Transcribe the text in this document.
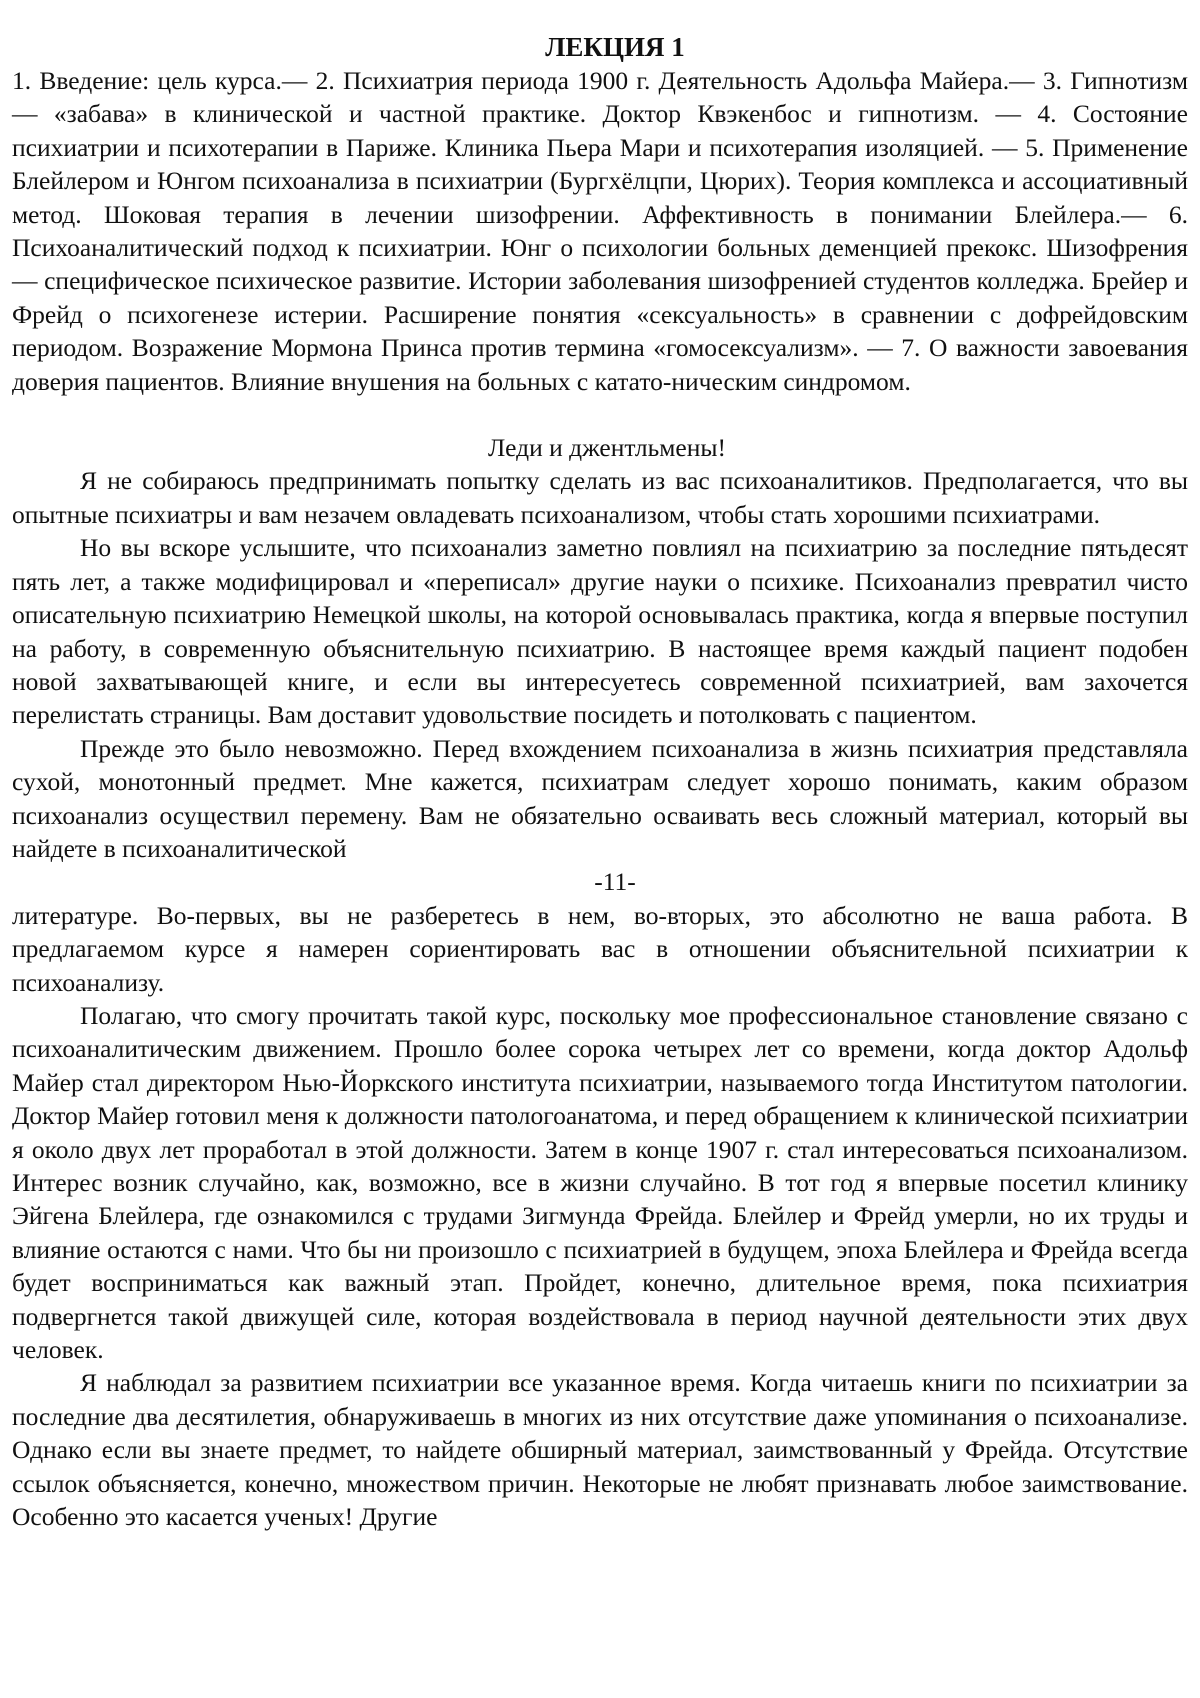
ЛЕКЦИЯ 1

1. Введение: цель курса.— 2. Психиатрия периода 1900 г. Деятельность Адольфа Майера.— 3. Гипнотизм — «забава» в клинической и частной практике. Доктор Квэкенбос и гипнотизм. — 4. Состояние психиатрии и психотерапии в Париже. Клиника Пьера Мари и психотерапия изоляцией. — 5. Применение Блейлером и Юнгом психоанализа в психиатрии (Бургхёлцпи, Цюрих). Теория комплекса и ассоциативный метод. Шоковая терапия в лечении шизофрении. Аффективность в понимании Блейлера.— 6. Психоаналитический подход к психиатрии. Юнг о психологии больных деменцией прекокс. Шизофрения — специфическое психическое развитие. Истории заболевания шизофренией студентов колледжа. Брейер и Фрейд о психогенезе истерии. Расширение понятия «сексуальность» в сравнении с дофрейдовским периодом. Возражение Мормона Принса против термина «гомосексуализм». — 7. О важности завоевания доверия пациентов. Влияние внушения на больных с катато-ническим синдромом.

Леди и джентльмены!

Я не собираюсь предпринимать попытку сделать из вас психоаналитиков. Предполагается, что вы опытные психиатры и вам незачем овладевать психоанализом, чтобы стать хорошими психиатрами.

Но вы вскоре услышите, что психоанализ заметно повлиял на психиатрию за последние пятьдесят пять лет, а также модифицировал и «переписал» другие науки о психике. Психоанализ превратил чисто описательную психиатрию Немецкой школы, на которой основывалась практика, когда я впервые поступил на работу, в современную объяснительную психиатрию. В настоящее время каждый пациент подобен новой захватывающей книге, и если вы интересуетесь современной психиатрией, вам захочется перелистать страницы. Вам доставит удовольствие посидеть и потолковать с пациентом.

Прежде это было невозможно. Перед вхождением психоанализа в жизнь психиатрия представляла сухой, монотонный предмет. Мне кажется, психиатрам следует хорошо понимать, каким образом психоанализ осуществил перемену. Вам не обязательно осваивать весь сложный материал, который вы найдете в психоаналитической

-11-

литературе. Во-первых, вы не разберетесь в нем, во-вторых, это абсолютно не ваша работа. В предлагаемом курсе я намерен сориентировать вас в отношении объяснительной психиатрии к психоанализу.

Полагаю, что смогу прочитать такой курс, поскольку мое профессиональное становление связано с психоаналитическим движением. Прошло более сорока четырех лет со времени, когда доктор Адольф Майер стал директором Нью-Йоркского института психиатрии, называемого тогда Институтом патологии. Доктор Майер готовил меня к должности патологоанатома, и перед обращением к клинической психиатрии я около двух лет проработал в этой должности. Затем в конце 1907 г. стал интересоваться психоанализом. Интерес возник случайно, как, возможно, все в жизни случайно. В тот год я впервые посетил клинику Эйгена Блейлера, где ознакомился с трудами Зигмунда Фрейда. Блейлер и Фрейд умерли, но их труды и влияние остаются с нами. Что бы ни произошло с психиатрией в будущем, эпоха Блейлера и Фрейда всегда будет восприниматься как важный этап. Пройдет, конечно, длительное время, пока психиатрия подвергнется такой движущей силе, которая воздействовала в период научной деятельности этих двух человек.

Я наблюдал за развитием психиатрии все указанное время. Когда читаешь книги по психиатрии за последние два десятилетия, обнаруживаешь в многих из них отсутствие даже упоминания о психоанализе. Однако если вы знаете предмет, то найдете обширный материал, заимствованный у Фрейда. Отсутствие ссылок объясняется, конечно, множеством причин. Некоторые не любят признавать любое заимствование. Особенно это касается ученых! Другие
